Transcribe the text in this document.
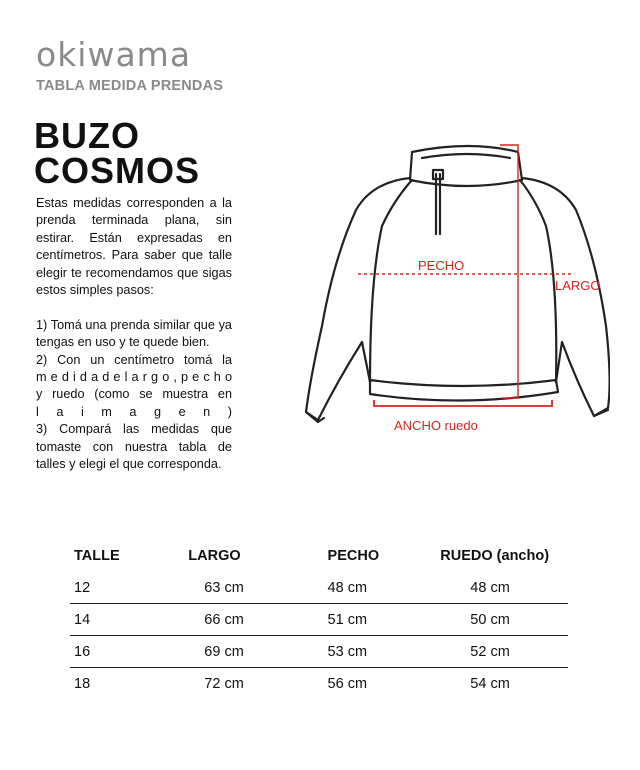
okiwama
TABLA MEDIDA PRENDAS
BUZO
COSMOS

Estas medidas corresponden a la prenda terminada plana, sin estirar. Están expresadas en centímetros. Para saber que talle elegir te recomendamos que sigas estos simples pasos:

1) Tomá una prenda similar que ya tengas en uso y te quede bien.

2) Con un centímetro tomá la

m e d i d a d e l a r g o , p e c h o

y ruedo (como se muestra en

l a i m a g e n )

3) Compará las medidas que tomaste con nuestra tabla de talles y elegi el que corresponda.

PECHO
LARGO
ANCHO ruedo
TALLE	LARGO	PECHO	RUEDO (ancho)
12	63 cm	48 cm	48 cm
14	66 cm	51 cm	50 cm
16	69 cm	53 cm	52 cm
18	72 cm	56 cm	54 cm
